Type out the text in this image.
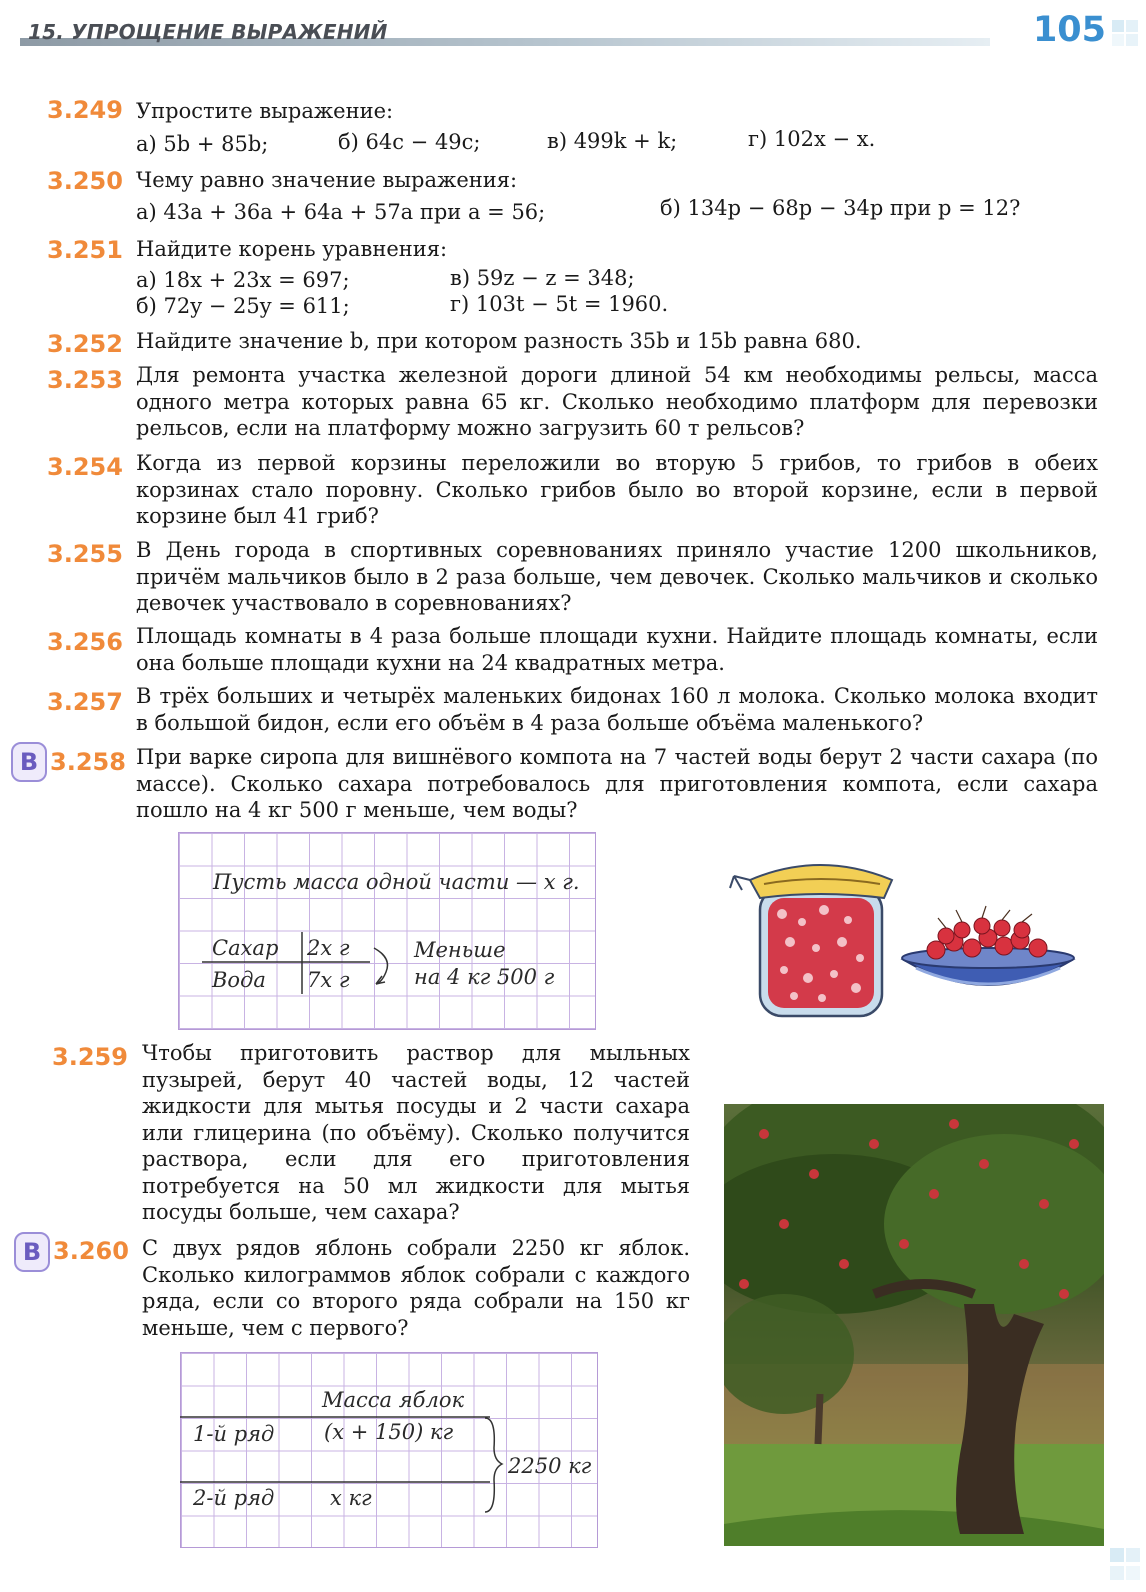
15. УПРОЩЕНИЕ ВЫРАЖЕНИЙ	105
3.249 Упростите выражение:
а) 5b + 85b;	б) 64c − 49c;	в) 499k + k;	г) 102x − x.
3.250 Чему равно значение выражения:
а) 43a + 36a + 64a + 57a при a = 56;	б) 134p − 68p − 34p при p = 12?
3.251 Найдите корень уравнения:
а) 18x + 23x = 697;	в) 59z − z = 348;
б) 72y − 25y = 611;	г) 103t − 5t = 1960.
3.252 Найдите значение b, при котором разность 35b и 15b равна 680.
3.253 Для ремонта участка железной дороги длиной 54 км необходимы рельсы, масса одного метра которых равна 65 кг. Сколько необходимо платформ для перевозки рельсов, если на платформу можно загрузить 60 т рельсов?
3.254 Когда из первой корзины переложили во вторую 5 грибов, то грибов в обеих корзинах стало поровну. Сколько грибов было во второй корзине, если в первой корзине был 41 гриб?
3.255 В День города в спортивных соревнованиях приняло участие 1200 школьников, причём мальчиков было в 2 раза больше, чем девочек. Сколько мальчиков и сколько девочек участвовало в соревнованиях?
3.256 Площадь комнаты в 4 раза больше площади кухни. Найдите площадь комнаты, если она больше площади кухни на 24 квадратных метра.
3.257 В трёх больших и четырёх маленьких бидонах 160 л молока. Сколько молока входит в большой бидон, если его объём в 4 раза больше объёма маленького?
В 3.258 При варке сиропа для вишнёвого компота на 7 частей воды берут 2 части сахара (по массе). Сколько сахара потребовалось для приготовления компота, если сахара пошло на 4 кг 500 г меньше, чем воды?
Пусть масса одной части — x г.
Сахар 2x г
Вода 7x г
Меньше
на 4 кг 500 г
3.259 Чтобы приготовить раствор для мыльных пузырей, берут 40 частей воды, 12 частей жидкости для мытья посуды и 2 части сахара или глицерина (по объёму). Сколько получится раствора, если для его приготовления потребуется на 50 мл жидкости для мытья посуды больше, чем сахара?
В 3.260 С двух рядов яблонь собрали 2250 кг яблок. Сколько килограммов яблок собрали с каждого ряда, если со второго ряда собрали на 150 кг меньше, чем с первого?
Масса яблок
1-й ряд (x + 150) кг
2-й ряд	x кг
2250 кг
